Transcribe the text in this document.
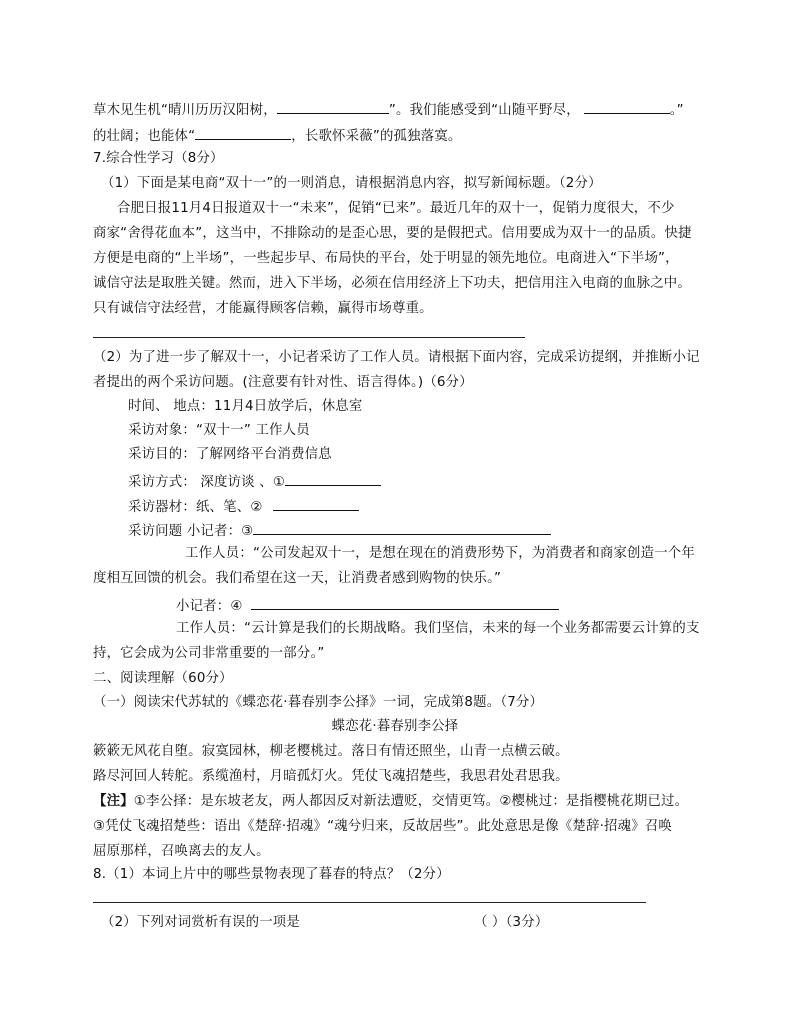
草木见生机“晴川历历汉阳树，	”。我们能感受到“山随平野尽，	。”
的壮阔；也能体“	，长歌怀采薇”的孤独落寞。
7.综合性学习（8分）
（1）下面是某电商“双十一”的一则消息，请根据消息内容，拟写新闻标题。（2分）
合肥日报11月4日报道双十一“未来”，促销“已来”。最近几年的双十一，促销力度很大，不少
商家“舍得花血本”，这当中，不排除动的是歪心思，要的是假把式。信用要成为双十一的品质。快捷
方便是电商的“上半场”，一些起步早、布局快的平台，处于明显的领先地位。电商进入“下半场”，
诚信守法是取胜关键。然而，进入下半场，必须在信用经济上下功夫，把信用注入电商的血脉之中。
只有诚信守法经营，才能赢得顾客信赖，赢得市场尊重。
（2）为了进一步了解双十一，小记者采访了工作人员。请根据下面内容，完成采访提纲，并推断小记
者提出的两个采访问题。(注意要有针对性、语言得体。)（6分）
时间、 地点：11月4日放学后，休息室
采访对象：“双十一” 工作人员
采访目的：了解网络平台消费信息
采访方式： 深度访谈 、①
采访器材：纸、笔、②
采访问题 小记者：③
工作人员：“公司发起双十一，是想在现在的消费形势下，为消费者和商家创造一个年
度相互回馈的机会。我们希望在这一天，让消费者感到购物的快乐。”
小记者：④
工作人员：“云计算是我们的长期战略。我们坚信，未来的每一个业务都需要云计算的支
持，它会成为公司非常重要的一部分。”
二、阅读理解（60分）
（一）阅读宋代苏轼的《蝶恋花·暮春别李公择》一词，完成第8题。（7分）
蝶恋花·暮春别李公择
簌簌无风花自堕。寂寞园林，柳老樱桃过。落日有情还照坐，山青一点横云破。
路尽河回人转舵。系缆渔村，月暗孤灯火。凭仗飞魂招楚些，我思君处君思我。
【注】①李公择：是东坡老友，两人都因反对新法遭贬，交情更笃。②樱桃过：是指樱桃花期已过。
③凭仗飞魂招楚些：语出《楚辞·招魂》“魂兮归来，反故居些”。此处意思是像《楚辞·招魂》召唤
屈原那样，召唤离去的友人。
8.（1）本词上片中的哪些景物表现了暮春的特点？（2分）
（2）下列对词赏析有误的一项是	（ ）（3分）
